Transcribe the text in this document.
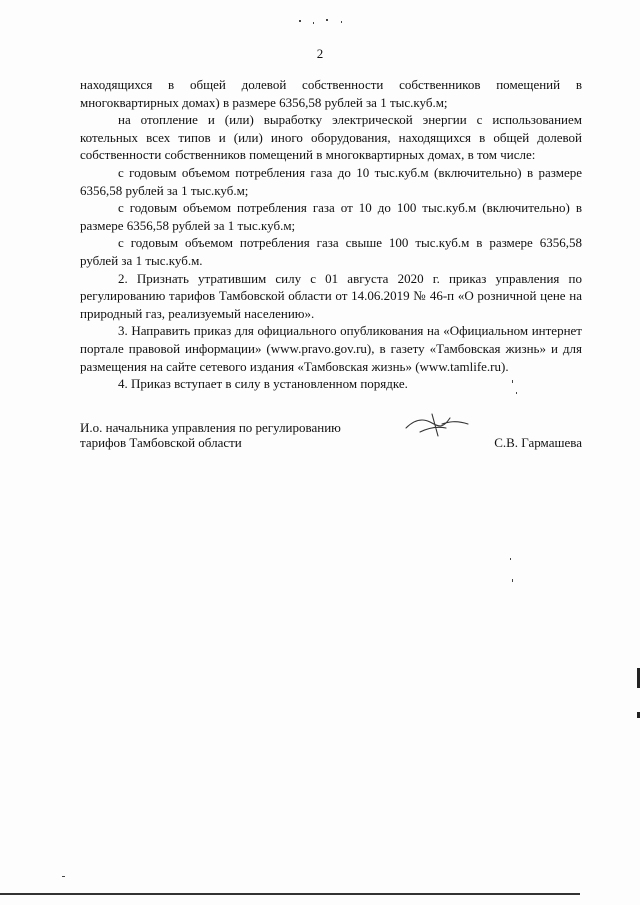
2

находящихся в общей долевой собственности собственников помещений в многоквартирных домах) в размере 6356,58 рублей за 1 тыс.куб.м;

на отопление и (или) выработку электрической энергии с использованием котельных всех типов и (или) иного оборудования, находящихся в общей долевой собственности собственников помещений в многоквартирных домах, в том числе:

с годовым объемом потребления газа до 10 тыс.куб.м (включительно) в размере 6356,58 рублей за 1 тыс.куб.м;

с годовым объемом потребления газа от 10 до 100 тыс.куб.м (включительно) в размере 6356,58 рублей за 1 тыс.куб.м;

с годовым объемом потребления газа свыше 100 тыс.куб.м в размере 6356,58 рублей за 1 тыс.куб.м.

2. Признать утратившим силу с 01 августа 2020 г. приказ управления по регулированию тарифов Тамбовской области от 14.06.2019 № 46-п «О розничной цене на природный газ, реализуемый населению».

3. Направить приказ для официального опубликования на «Официальном интернет портале правовой информации» (www.pravo.gov.ru), в газету «Тамбовская жизнь» и для размещения на сайте сетевого издания «Тамбовская жизнь» (www.tamlife.ru).

4. Приказ вступает в силу в установленном порядке.

И.о. начальника управления по регулированию тарифов Тамбовской области	С.В. Гармашева
